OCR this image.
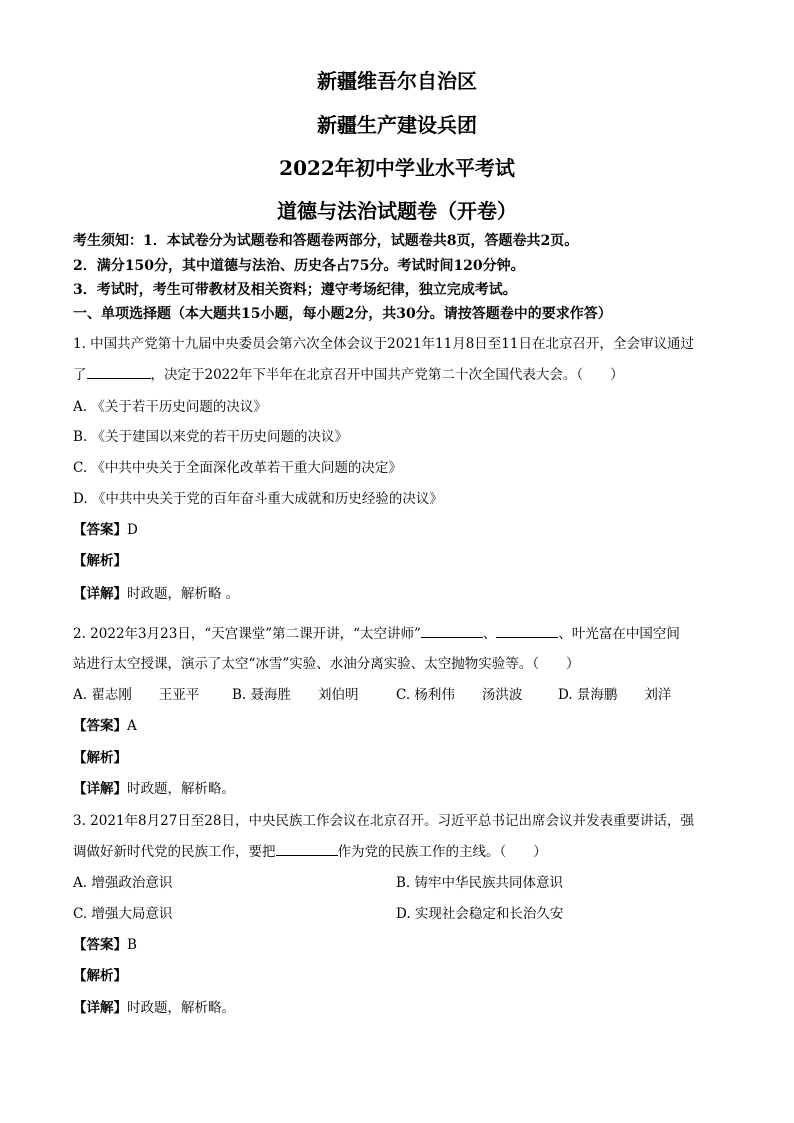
新疆维吾尔自治区
新疆生产建设兵团
2022年初中学业水平考试
道德与法治试题卷（开卷）
考生须知：1．本试卷分为试题卷和答题卷两部分，试题卷共8页，答题卷共2页。
2．满分150分，其中道德与法治、历史各占75分。考试时间120分钟。
3．考试时，考生可带教材及相关资料；遵守考场纪律，独立完成考试。
一、单项选择题（本大题共15小题，每小题2分，共30分。请按答题卷中的要求作答）
1. 中国共产党第十九届中央委员会第六次全体会议于2021年11月8日至11日在北京召开，全会审议通过
了	，决定于2022年下半年在北京召开中国共产党第二十次全国代表大会。（　　）
A. 《关于若干历史问题的决议》
B. 《关于建国以来党的若干历史问题的决议》
C. 《中共中央关于全面深化改革若干重大问题的决定》
D. 《中共中央关于党的百年奋斗重大成就和历史经验的决议》
【答案】D
【解析】
【详解】时政题，解析略 。
2. 2022年3月23日，“天宫课堂”第二课开讲，“太空讲师”	、	、叶光富在中国空间
站进行太空授课，演示了太空“冰雪”实验、水油分离实验、太空抛物实验等。（　　）
A. 翟志刚　　王亚平 B. 聂海胜　　刘伯明	C. 杨利伟　　汤洪波	D. 景海鹏　　刘洋
【答案】A
【解析】
【详解】时政题，解析略。
3. 2021年8月27日至28日，中央民族工作会议在北京召开。习近平总书记出席会议并发表重要讲话，强
调做好新时代党的民族工作，要把	作为党的民族工作的主线。（　　）
A. 增强政治意识	B. 铸牢中华民族共同体意识
C. 增强大局意识	D. 实现社会稳定和长治久安
【答案】B
【解析】
【详解】时政题，解析略。
